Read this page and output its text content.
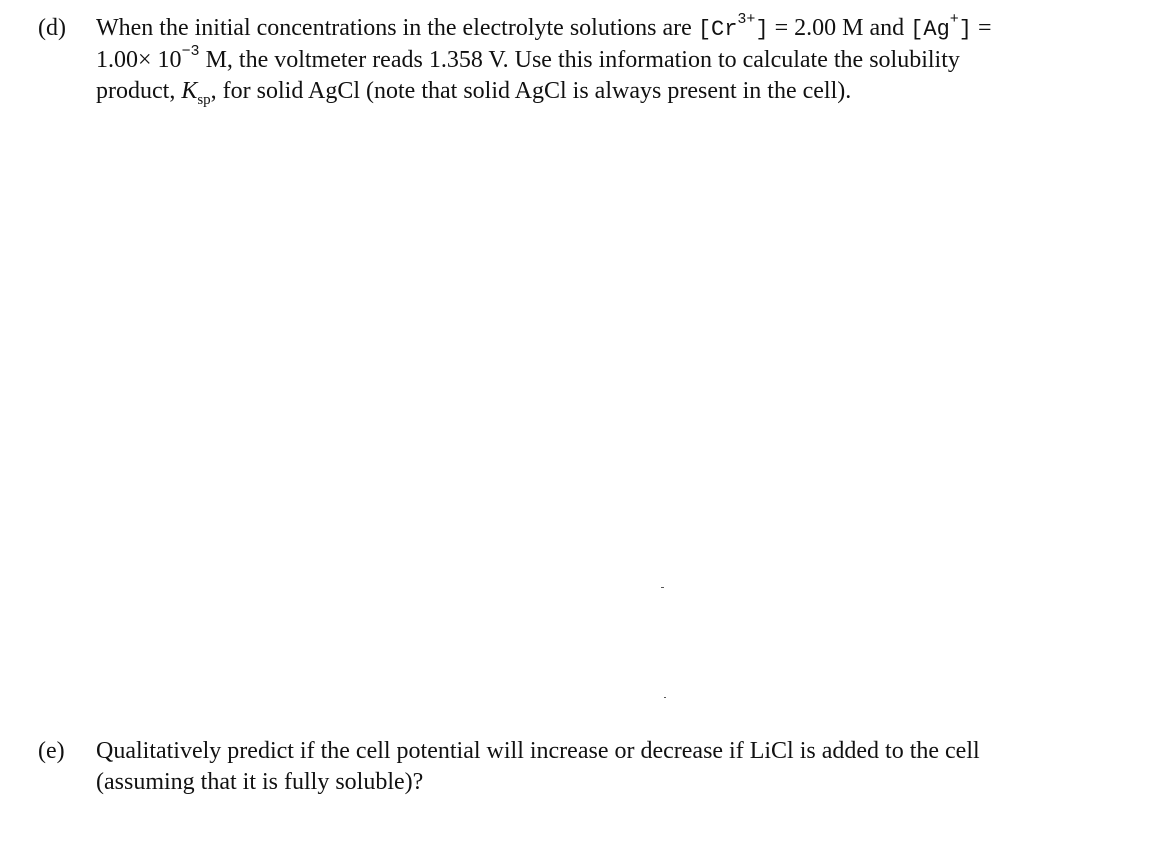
(d)	When the initial concentrations in the electrolyte solutions are $[Cr^{3+}] = 2.00$ M and [Ag+] =
$1.00\times 10^{-3}$ M, the voltmeter reads 1.358 V. Use this information to calculate the solubility
product, $K_{sp}$, for solid AgCl (note that solid AgCl is always present in the cell).
(e)	Qualitatively predict if the cell potential will increase or decrease if LiCl is added to the cell
(assuming that it is fully soluble)?
